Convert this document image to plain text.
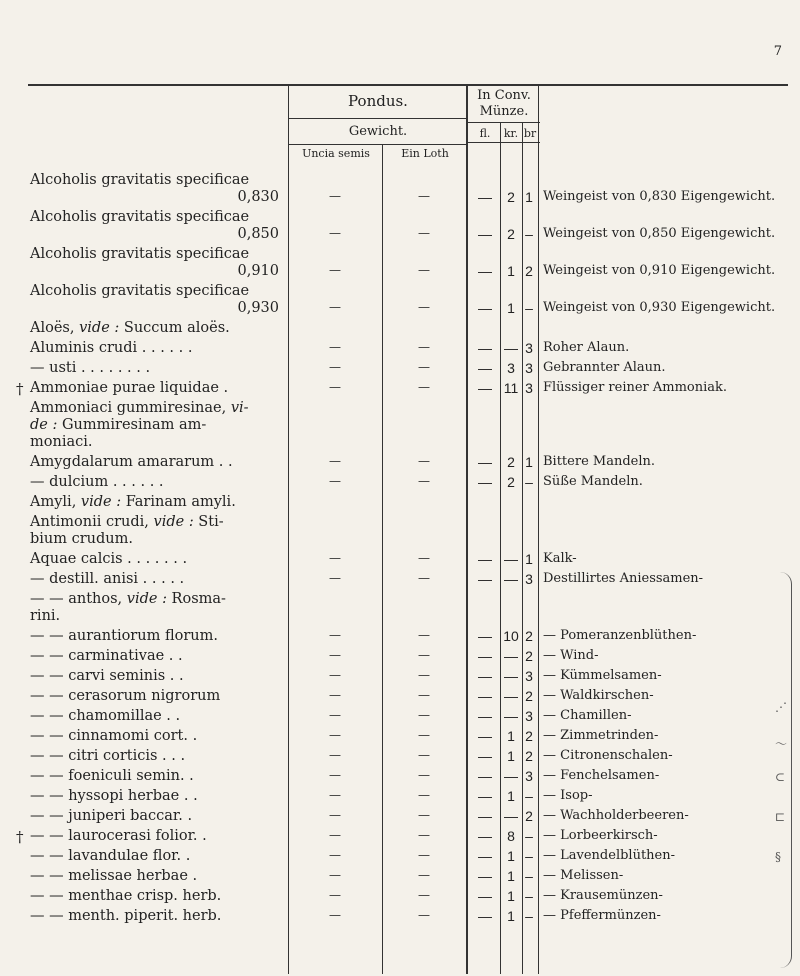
7
Pondus.
Gewicht.
In Conv.
Münze.
fl.	kr. br
Uncia semis	Ein Loth
Alcoholis gravitatis specificae
0,830	—	—	—	2 1 Weingeist von 0,830 Eigengewicht.
Alcoholis gravitatis specificae
0,850	—	—	—	2 – Weingeist von 0,850 Eigengewicht.
Alcoholis gravitatis specificae
0,910	—	—	—	1 2 Weingeist von 0,910 Eigengewicht.
Alcoholis gravitatis specificae
0,930	—	—	—	1 – Weingeist von 0,930 Eigengewicht.
Aloës, vide : Succum aloës.
Aluminis crudi . . . . . .	—	—	— — 3 Roher Alaun.
— usti . . . . . . . .	—	—	—	3 3 Gebrannter Alaun.
† Ammoniae purae liquidae .	—	—	— 11 3 Flüssiger reiner Ammoniak.
Ammoniaci gummiresinae, vi-
de : Gummiresinam am-
moniaci.
Amygdalarum amararum . .	—	—	—	2 1 Bittere Mandeln.
— dulcium . . . . . .	—	—	—	2 – Süße Mandeln.
Amyli, vide : Farinam amyli.
Antimonii crudi, vide : Sti-
bium crudum.
Aquae calcis . . . . . . .	—	—	— — 1 Kalk-
— destill. anisi . . . . .	—	—	— — 3 Destillirtes Aniessamen-
— — anthos, vide : Rosma-
rini.
— — aurantiorum florum.	—	—	— 10 2 — Pomeranzenblüthen-
— — carminativae . .	—	—	— — 2 — Wind-
— — carvi seminis . .	—	—	— — 3 — Kümmelsamen-
— — cerasorum nigrorum	—	—	— — 2 — Waldkirschen-
— — chamomillae . .	—	—	— — 3 — Chamillen-
— — cinnamomi cort. .	—	—	—	1 2 — Zimmetrinden-
— — citri corticis . . .	—	—	—	1 2 — Citronenschalen-
— — foeniculi semin. .	—	—	— — 3 — Fenchelsamen-
— — hyssopi herbae . .	—	—	—	1 – — Isop-
— — juniperi baccar. .	—	—	— — 2 — Wachholderbeeren-
† — — laurocerasi folior. .	—	—	—	8 – — Lorbeerkirsch-
— — lavandulae flor. .	—	—	—	1 – — Lavendelblüthen-
— — melissae herbae .	—	—	—	1 – — Melissen-
— — menthae crisp. herb.	—	—	—	1 – — Krausemünzen-
— — menth. piperit. herb.	—	—	—	1 – — Pfeffermünzen-
⋰
〜
⊂
⊏
§
